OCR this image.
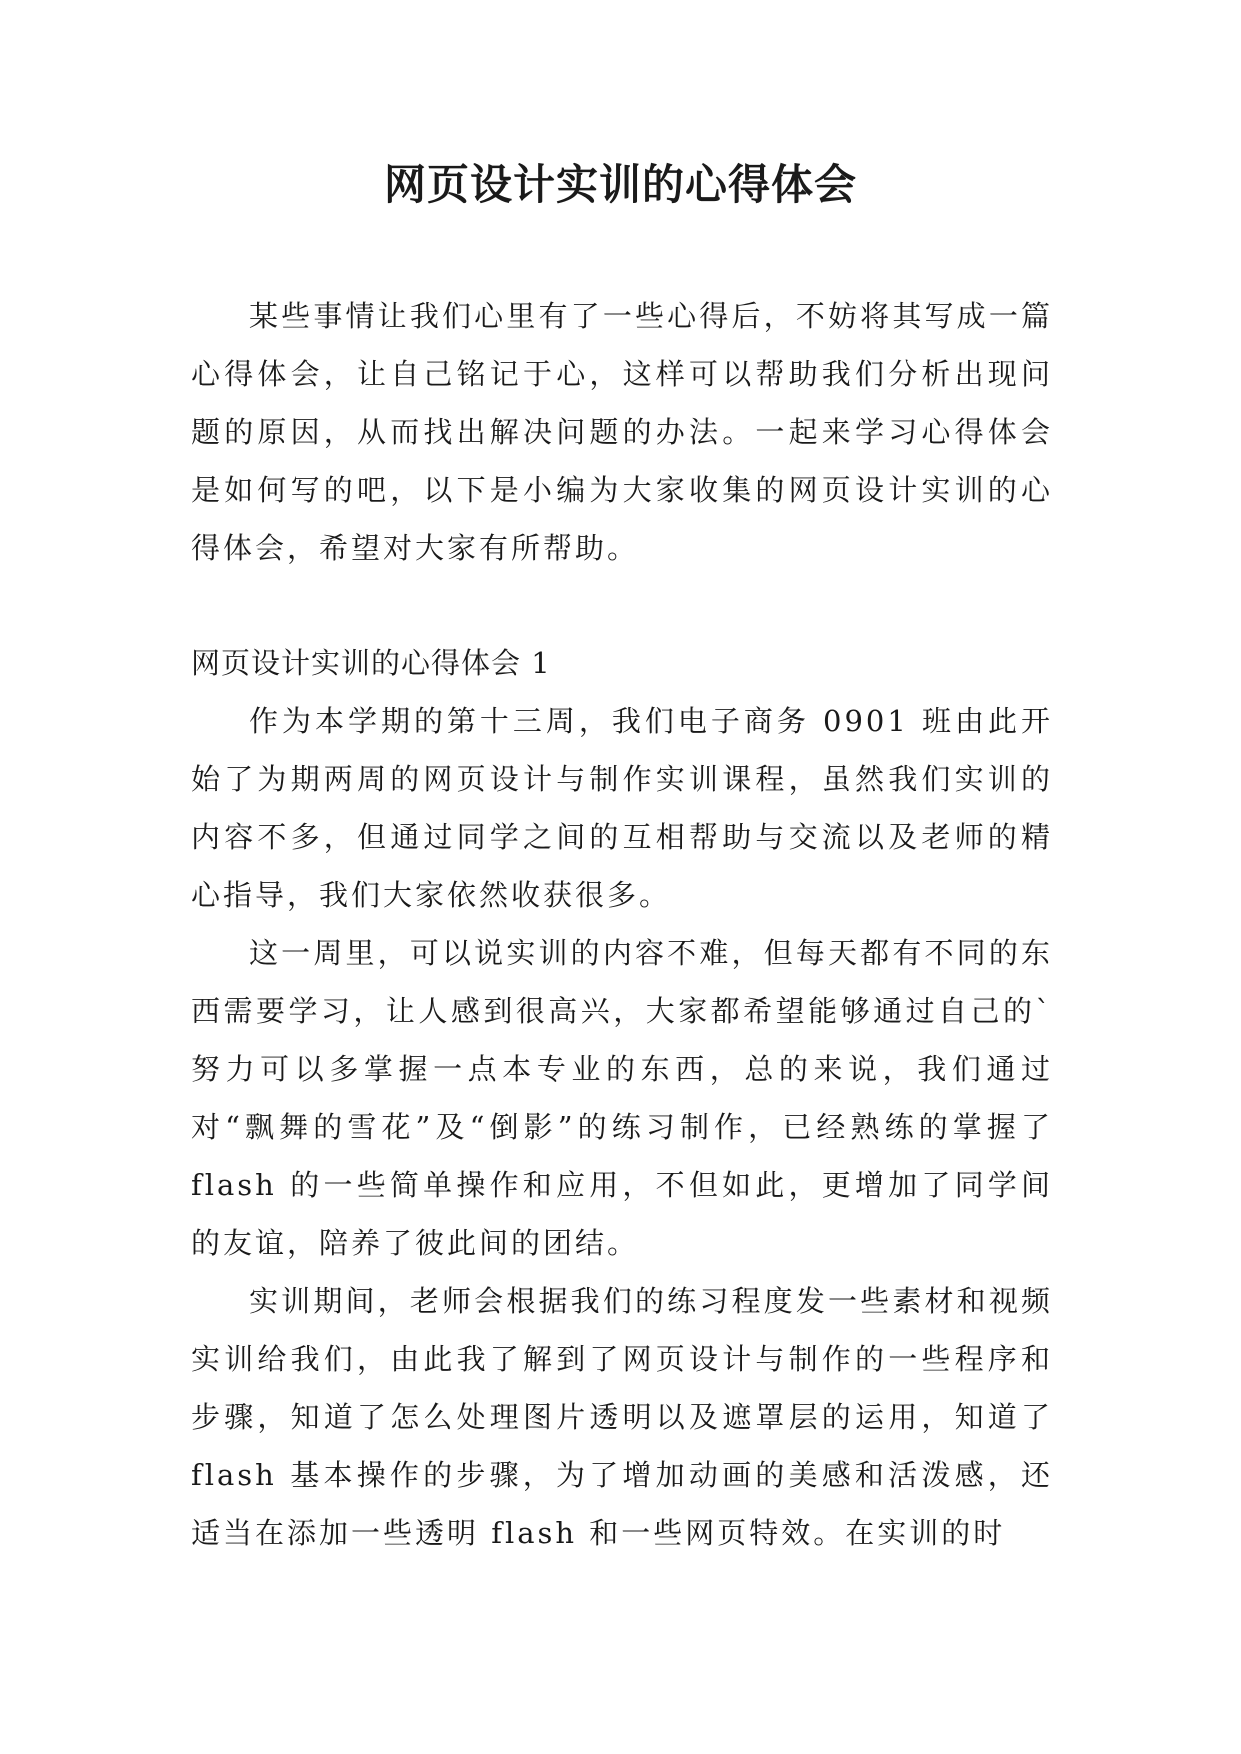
网页设计实训的心得体会

某些事情让我们心里有了一些心得后，不妨将其写成一篇心得体会，让自己铭记于心，这样可以帮助我们分析出现问题的原因，从而找出解决问题的办法。一起来学习心得体会是如何写的吧，以下是小编为大家收集的网页设计实训的心得体会，希望对大家有所帮助。

网页设计实训的心得体会 1

作为本学期的第十三周，我们电子商务 0901 班由此开始了为期两周的网页设计与制作实训课程，虽然我们实训的内容不多，但通过同学之间的互相帮助与交流以及老师的精心指导，我们大家依然收获很多。

这一周里，可以说实训的内容不难，但每天都有不同的东西需要学习，让人感到很高兴，大家都希望能够通过自己的`努力可以多掌握一点本专业的东西，总的来说，我们通过对“飘舞的雪花”及“倒影”的练习制作，已经熟练的掌握了 flash 的一些简单操作和应用，不但如此，更增加了同学间的友谊，陪养了彼此间的团结。

实训期间，老师会根据我们的练习程度发一些素材和视频实训给我们，由此我了解到了网页设计与制作的一些程序和步骤，知道了怎么处理图片透明以及遮罩层的运用，知道了 flash 基本操作的步骤，为了增加动画的美感和活泼感，还适当在添加一些透明 flash 和一些网页特效。在实训的时
